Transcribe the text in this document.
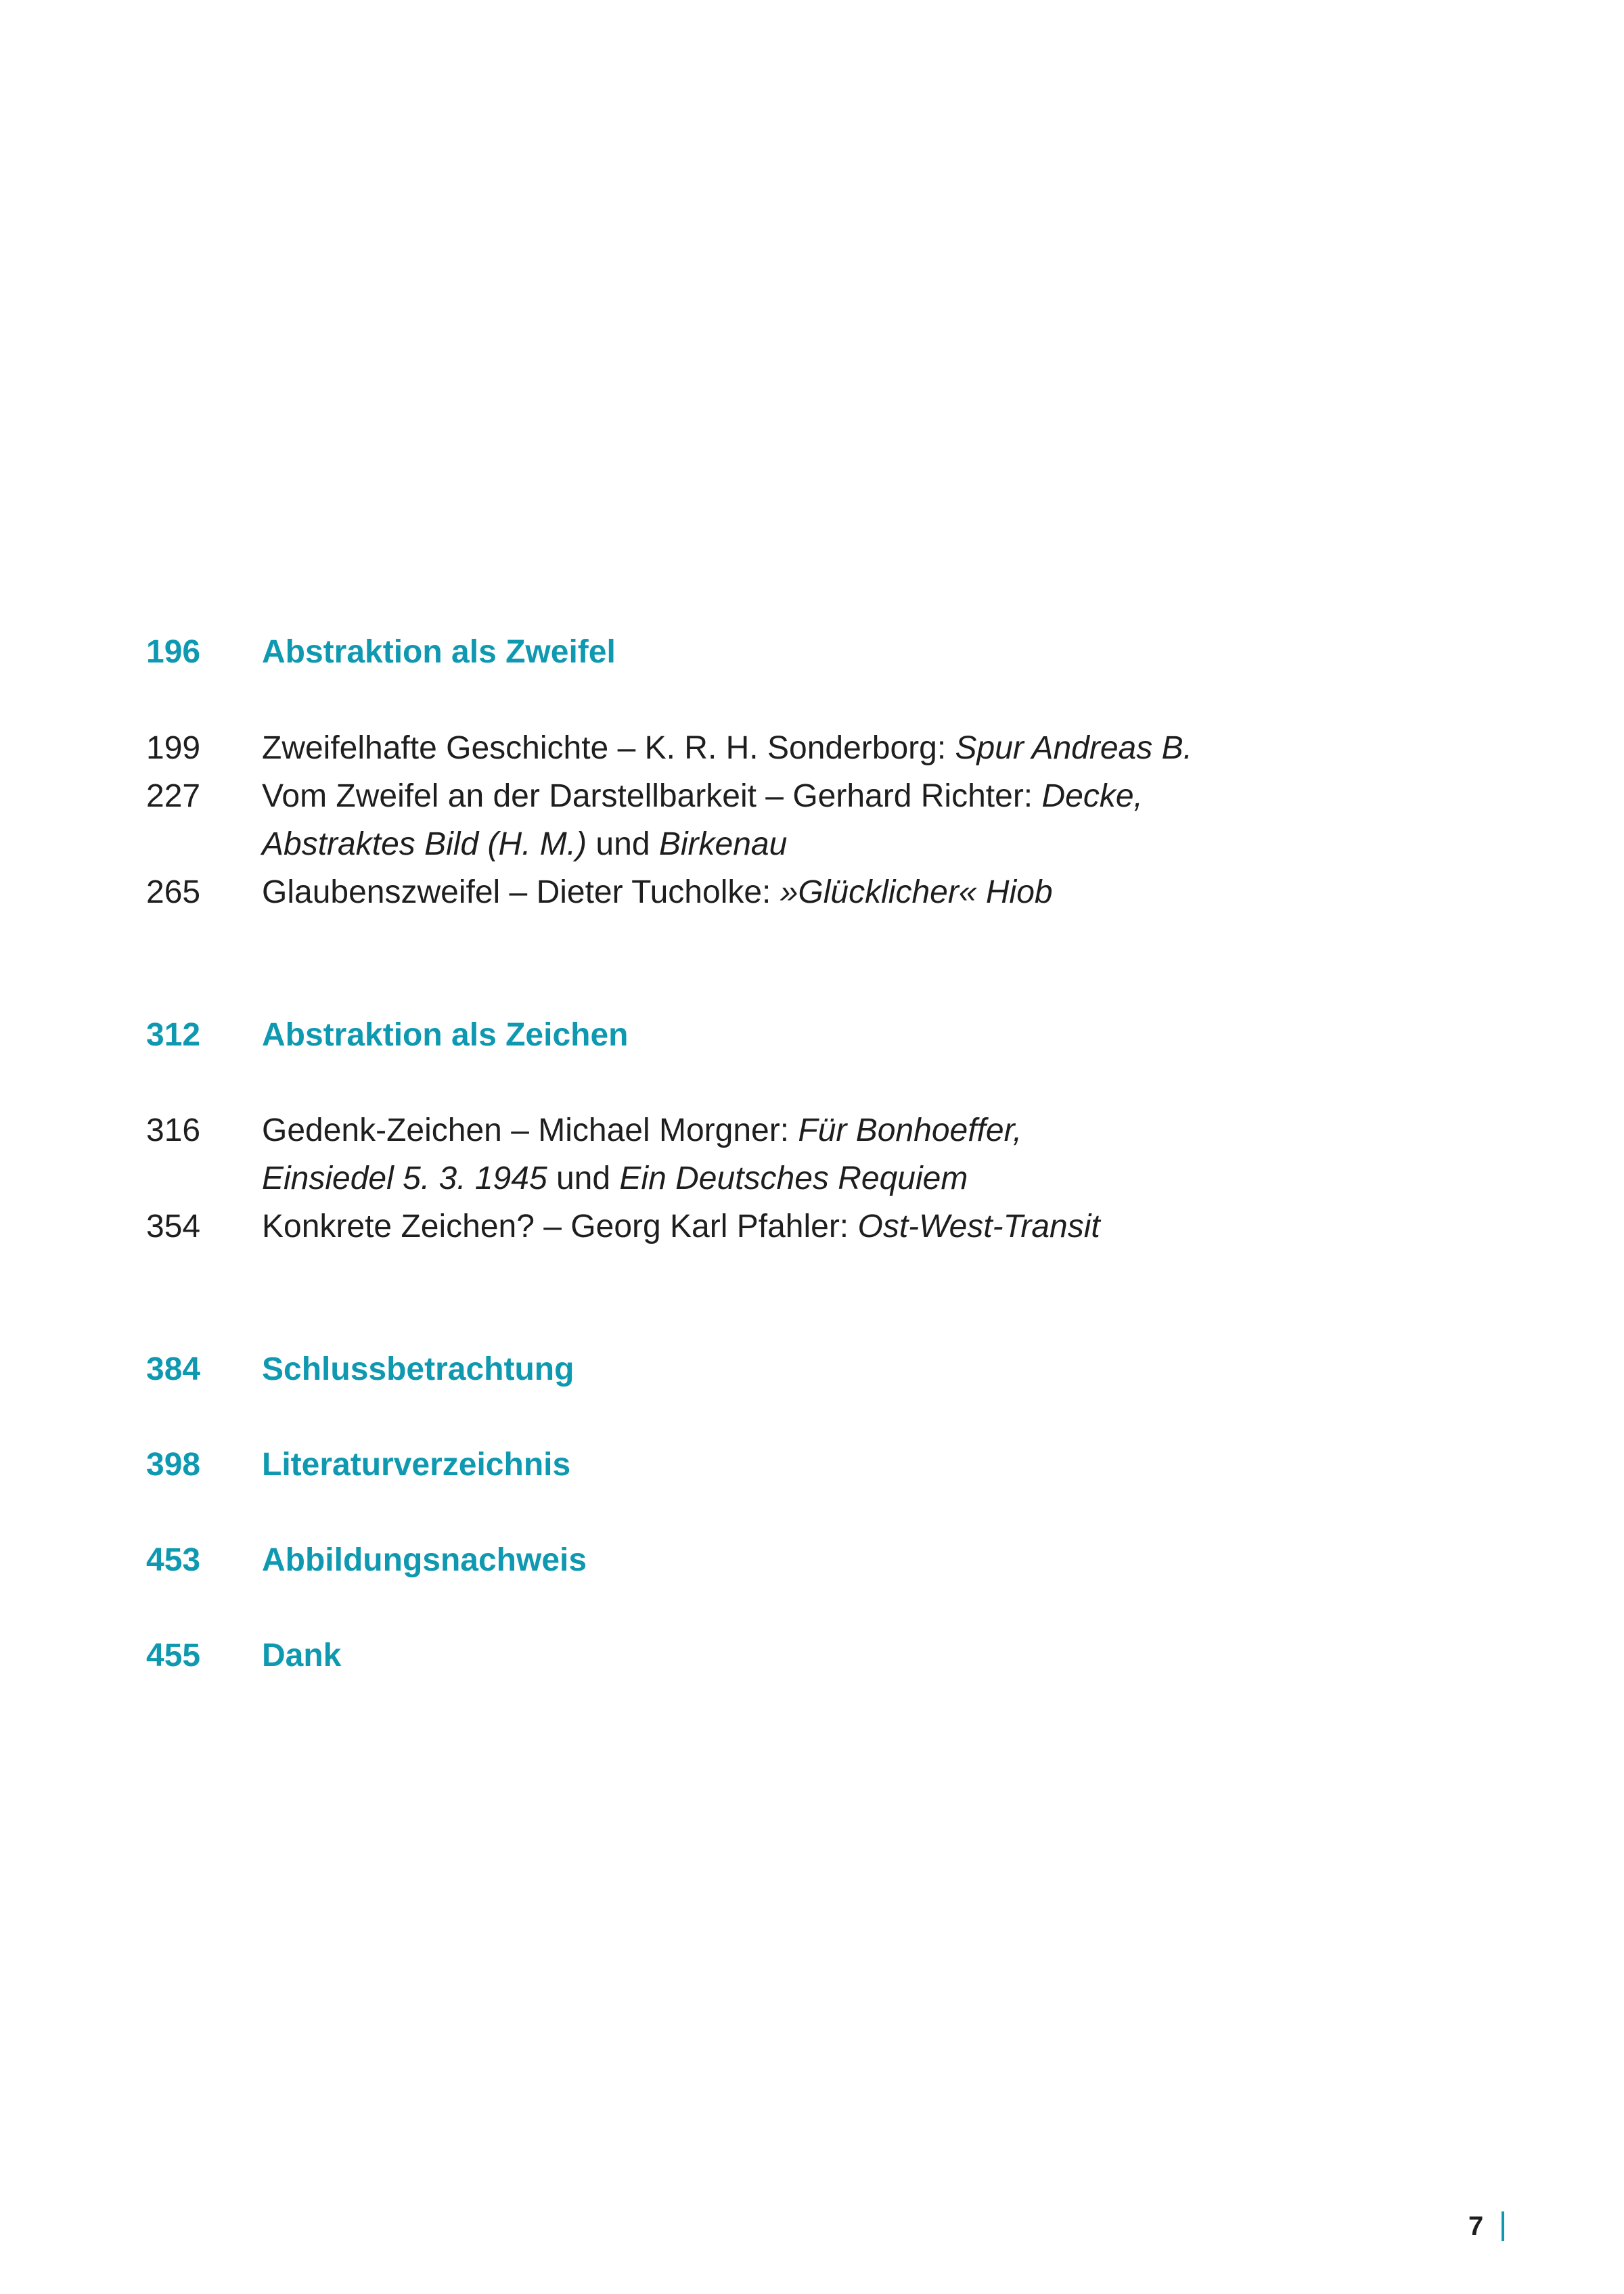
196 Abstraktion als Zweifel
199 Zweifelhafte Geschichte – K. R. H. Sonderborg: Spur Andreas B.
227 Vom Zweifel an der Darstellbarkeit – Gerhard Richter: Decke,
Abstraktes Bild (H. M.) und Birkenau
265 Glaubenszweifel – Dieter Tucholke: »Glücklicher« Hiob
312 Abstraktion als Zeichen
316 Gedenk-Zeichen – Michael Morgner: Für Bonhoeffer,
Einsiedel 5. 3. 1945 und Ein Deutsches Requiem
354 Konkrete Zeichen? – Georg Karl Pfahler: Ost-West-Transit
384 Schlussbetrachtung
398 Literaturverzeichnis
453 Abbildungsnachweis
455 Dank
7
